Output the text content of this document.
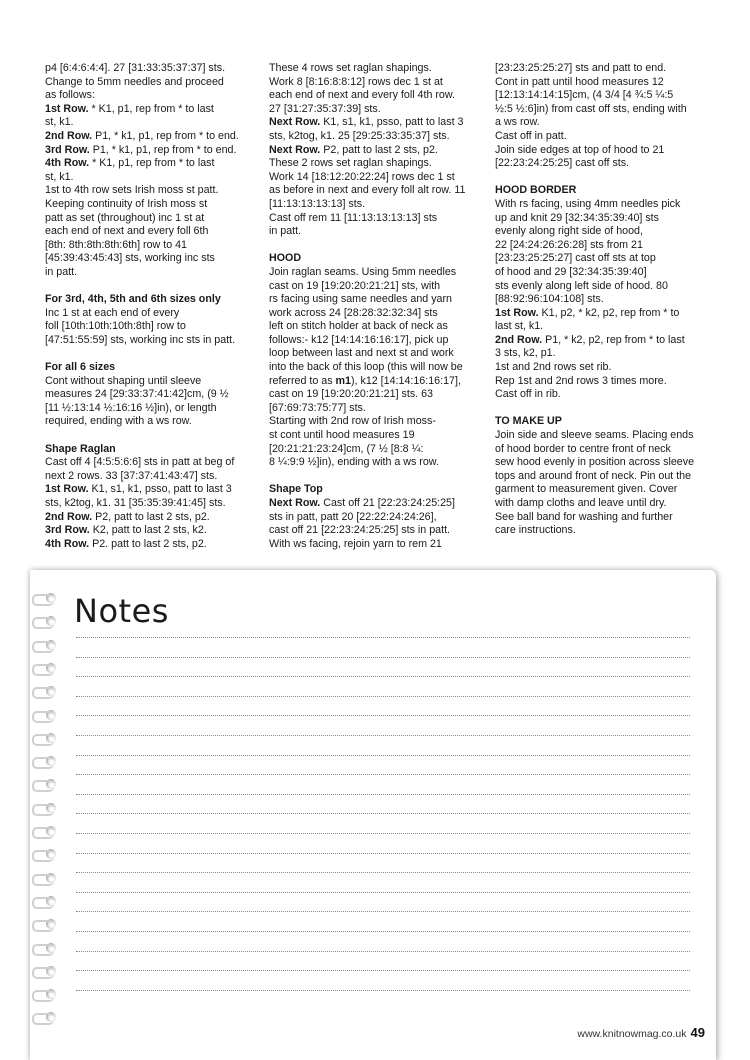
p4 [6:4:6:4:4]. 27 [31:33:35:37:37] sts.

Change to 5mm needles and proceed

as follows:

1st Row. * K1, p1, rep from * to last

st, k1.

2nd Row. P1, * k1, p1, rep from * to end.

3rd Row. P1, * k1, p1, rep from * to end.

4th Row. * K1, p1, rep from * to last

st, k1.

1st to 4th row sets Irish moss st patt.

Keeping continuity of Irish moss st

patt as set (throughout) inc 1 st at

each end of next and every foll 6th

[8th: 8th:8th:8th:6th] row to 41

[45:39:43:45:43] sts, working inc sts

in patt.

For 3rd, 4th, 5th and 6th sizes only

Inc 1 st at each end of every

foll [10th:10th:10th:8th] row to

[47:51:55:59] sts, working inc sts in patt.

For all 6 sizes

Cont without shaping until sleeve

measures 24 [29:33:37:41:42]cm, (9 ½

[11 ½:13:14 ½:16:16 ½]in), or length

required, ending with a ws row.

Shape Raglan

Cast off 4 [4:5:5:6:6] sts in patt at beg of

next 2 rows. 33 [37:37:41:43:47] sts.

1st Row. K1, s1, k1, psso, patt to last 3

sts, k2tog, k1. 31 [35:35:39:41:45] sts.

2nd Row. P2, patt to last 2 sts, p2.

3rd Row. K2, patt to last 2 sts, k2.

4th Row. P2. patt to last 2 sts, p2.

These 4 rows set raglan shapings.

Work 8 [8:16:8:8:12] rows dec 1 st at

each end of next and every foll 4th row.

27 [31:27:35:37:39] sts.

Next Row. K1, s1, k1, psso, patt to last 3

sts, k2tog, k1. 25 [29:25:33:35:37] sts.

Next Row. P2, patt to last 2 sts, p2.

These 2 rows set raglan shapings.

Work 14 [18:12:20:22:24] rows dec 1 st

as before in next and every foll alt row. 11

[11:13:13:13:13] sts.

Cast off rem 11 [11:13:13:13:13] sts

in patt.

HOOD

Join raglan seams. Using 5mm needles

cast on 19 [19:20:20:21:21] sts, with

rs facing using same needles and yarn

work across 24 [28:28:32:32:34] sts

left on stitch holder at back of neck as

follows:- k12 [14:14:16:16:17], pick up

loop between last and next st and work

into the back of this loop (this will now be

referred to as m1), k12 [14:14:16:16:17],

cast on 19 [19:20:20:21:21] sts. 63

[67:69:73:75:77] sts.

Starting with 2nd row of Irish moss-

st cont until hood measures 19

[20:21:21:23:24]cm, (7 ½ [8:8 ¼:

8 ¼:9:9 ½]in), ending with a ws row.

Shape Top

Next Row. Cast off 21 [22:23:24:25:25]

sts in patt, patt 20 [22:22:24:24:26],

cast off 21 [22:23:24:25:25] sts in patt.

With ws facing, rejoin yarn to rem 21

[23:23:25:25:27] sts and patt to end.

Cont in patt until hood measures 12

[12:13:14:14:15]cm, (4 3/4 [4 ¾:5 ¼:5

½:5 ½:6]in) from cast off sts, ending with

a ws row.

Cast off in patt.

Join side edges at top of hood to 21

[22:23:24:25:25] cast off sts.

HOOD BORDER

With rs facing, using 4mm needles pick

up and knit 29 [32:34:35:39:40] sts

evenly along right side of hood,

22 [24:24:26:26:28] sts from 21

[23:23:25:25:27] cast off sts at top

of hood and 29 [32:34:35:39:40]

sts evenly along left side of hood. 80

[88:92:96:104:108] sts.

1st Row. K1, p2, * k2, p2, rep from * to

last st, k1.

2nd Row. P1, * k2, p2, rep from * to last

3 sts, k2, p1.

1st and 2nd rows set rib.

Rep 1st and 2nd rows 3 times more.

Cast off in rib.

TO MAKE UP

Join side and sleeve seams. Placing ends

of hood border to centre front of neck

sew hood evenly in position across sleeve

tops and around front of neck. Pin out the

garment to measurement given. Cover

with damp cloths and leave until dry.

See ball band for washing and further

care instructions.

Notes
www.knitnowmag.co.uk 49
